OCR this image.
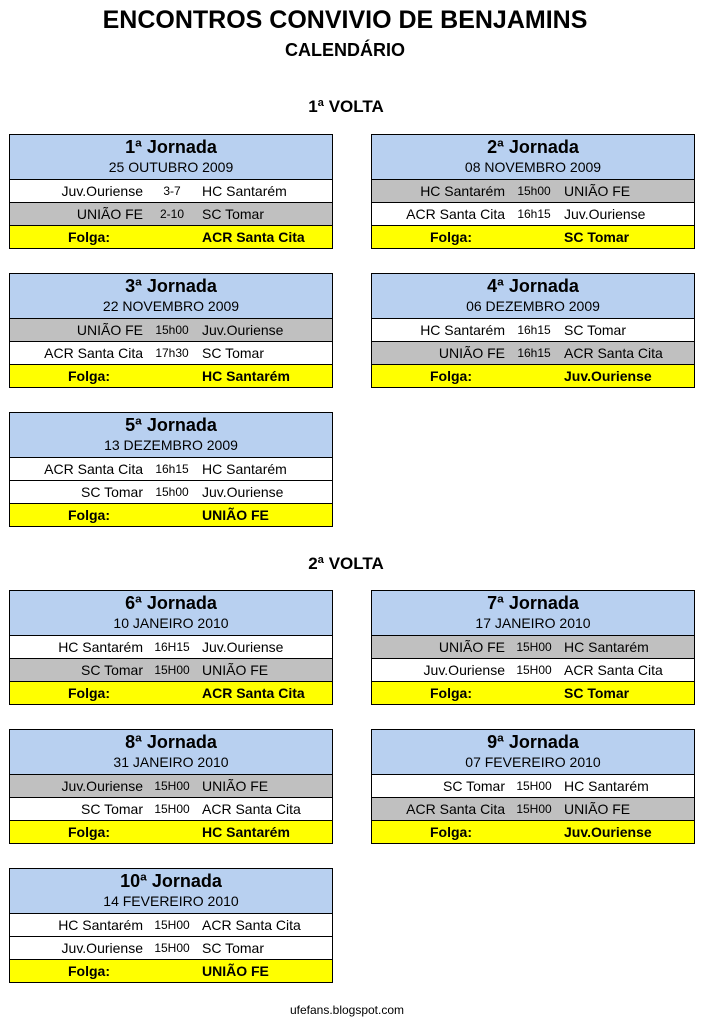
ENCONTROS CONVIVIO DE BENJAMINS
CALENDÁRIO
1ª VOLTA
2ª VOLTA
1ª Jornada
25 OUTUBRO 2009
Juv.Ouriense	3-7	HC Santarém
UNIÃO FE	2-10	SC Tomar
Folga:	ACR Santa Cita
2ª Jornada
08 NOVEMBRO 2009
HC Santarém	15h00 UNIÃO FE
ACR Santa Cita	16h15 Juv.Ouriense
Folga:	SC Tomar
3ª Jornada
22 NOVEMBRO 2009
UNIÃO FE	15h00 Juv.Ouriense
ACR Santa Cita	17h30 SC Tomar
Folga:	HC Santarém
4ª Jornada
06 DEZEMBRO 2009
HC Santarém	16h15 SC Tomar
UNIÃO FE	16h15 ACR Santa Cita
Folga:	Juv.Ouriense
5ª Jornada
13 DEZEMBRO 2009
ACR Santa Cita	16h15 HC Santarém
SC Tomar	15h00 Juv.Ouriense
Folga:	UNIÃO FE
6ª Jornada
10 JANEIRO 2010
HC Santarém 16H15 Juv.Ouriense
SC Tomar 15H00 UNIÃO FE
Folga:	ACR Santa Cita
7ª Jornada
17 JANEIRO 2010
UNIÃO FE 15H00 HC Santarém
Juv.Ouriense 15H00 ACR Santa Cita
Folga:	SC Tomar
8ª Jornada
31 JANEIRO 2010
Juv.Ouriense 15H00 UNIÃO FE
SC Tomar 15H00 ACR Santa Cita
Folga:	HC Santarém
9ª Jornada
07 FEVEREIRO 2010
SC Tomar 15H00 HC Santarém
ACR Santa Cita 15H00 UNIÃO FE
Folga:	Juv.Ouriense
10ª Jornada
14 FEVEREIRO 2010
HC Santarém 15H00 ACR Santa Cita
Juv.Ouriense 15H00 SC Tomar
Folga:	UNIÃO FE
ufefans.blogspot.com
